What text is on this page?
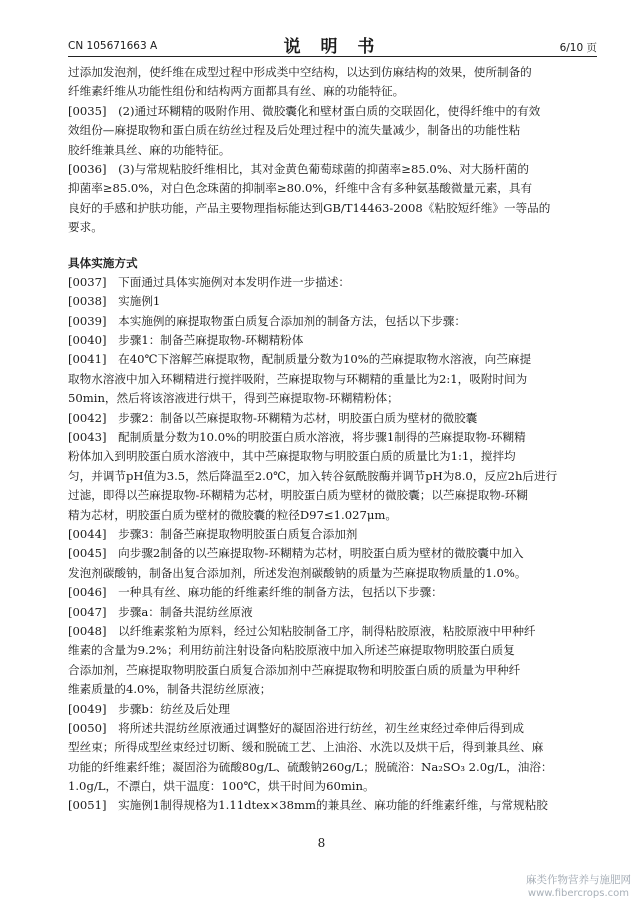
CN 105671663 A	说 明 书	6/10 页
过添加发泡剂，使纤维在成型过程中形成类中空结构，以达到仿麻结构的效果，使所制备的
纤维素纤维从功能性组份和结构两方面都具有丝、麻的功能特征。
[0035]　(2)通过环糊精的吸附作用、微胶囊化和壁材蛋白质的交联固化，使得纤维中的有效
效组份—麻提取物和蛋白质在纺丝过程及后处理过程中的流失量减少，制备出的功能性粘
胶纤维兼具丝、麻的功能特征。
[0036]　(3)与常规粘胶纤维相比，其对金黄色葡萄球菌的抑菌率≥85.0%、对大肠杆菌的
抑菌率≥85.0%，对白色念珠菌的抑制率≥80.0%，纤维中含有多种氨基酸微量元素，具有
良好的手感和护肤功能，产品主要物理指标能达到GB/T14463-2008《粘胶短纤维》一等品的
要求。
具体实施方式
[0037]　下面通过具体实施例对本发明作进一步描述：
[0038]　实施例1
[0039]　本实施例的麻提取物蛋白质复合添加剂的制备方法，包括以下步骤：
[0040]　步骤1：制备苎麻提取物-环糊精粉体
[0041]　在40℃下溶解苎麻提取物，配制质量分数为10%的苎麻提取物水溶液，向苎麻提
取物水溶液中加入环糊精进行搅拌吸附，苎麻提取物与环糊精的重量比为2:1，吸附时间为
50min，然后将该溶液进行烘干，得到苎麻提取物-环糊精粉体；
[0042]　步骤2：制备以苎麻提取物-环糊精为芯材，明胶蛋白质为壁材的微胶囊
[0043]　配制质量分数为10.0%的明胶蛋白质水溶液，将步骤1制得的苎麻提取物-环糊精
粉体加入到明胶蛋白质水溶液中，其中苎麻提取物与明胶蛋白质的质量比为1:1，搅拌均
匀，并调节pH值为3.5，然后降温至2.0℃，加入转谷氨酰胺酶并调节pH为8.0，反应2h后进行
过滤，即得以苎麻提取物-环糊精为芯材，明胶蛋白质为壁材的微胶囊；以苎麻提取物-环糊
精为芯材，明胶蛋白质为壁材的微胶囊的粒径D97≤1.027μm。
[0044]　步骤3：制备苎麻提取物明胶蛋白质复合添加剂
[0045]　向步骤2制备的以苎麻提取物-环糊精为芯材，明胶蛋白质为壁材的微胶囊中加入
发泡剂碳酸钠，制备出复合添加剂，所述发泡剂碳酸钠的质量为苎麻提取物质量的1.0%。
[0046]　一种具有丝、麻功能的纤维素纤维的制备方法，包括以下步骤：
[0047]　步骤a：制备共混纺丝原液
[0048]　以纤维素浆粕为原料，经过公知粘胶制备工序，制得粘胶原液，粘胶原液中甲种纤
维素的含量为9.2%；利用纺前注射设备向粘胶原液中加入所述苎麻提取物明胶蛋白质复
合添加剂，苎麻提取物明胶蛋白质复合添加剂中苎麻提取物和明胶蛋白质的质量为甲种纤
维素质量的4.0%，制备共混纺丝原液；
[0049]　步骤b：纺丝及后处理
[0050]　将所述共混纺丝原液通过调整好的凝固浴进行纺丝，初生丝束经过牵伸后得到成
型丝束；所得成型丝束经过切断、缓和脱硫工艺、上油浴、水洗以及烘干后，得到兼具丝、麻
功能的纤维素纤维；凝固浴为硫酸80g/L、硫酸钠260g/L；脱硫浴：Na₂SO₃ 2.0g/L，油浴：
1.0g/L，不漂白，烘干温度：100℃，烘干时间为60min。
[0051]　实施例1制得规格为1.11dtex×38mm的兼具丝、麻功能的纤维素纤维，与常规粘胶
8
麻类作物营养与施肥网
www.fibercrops.com
